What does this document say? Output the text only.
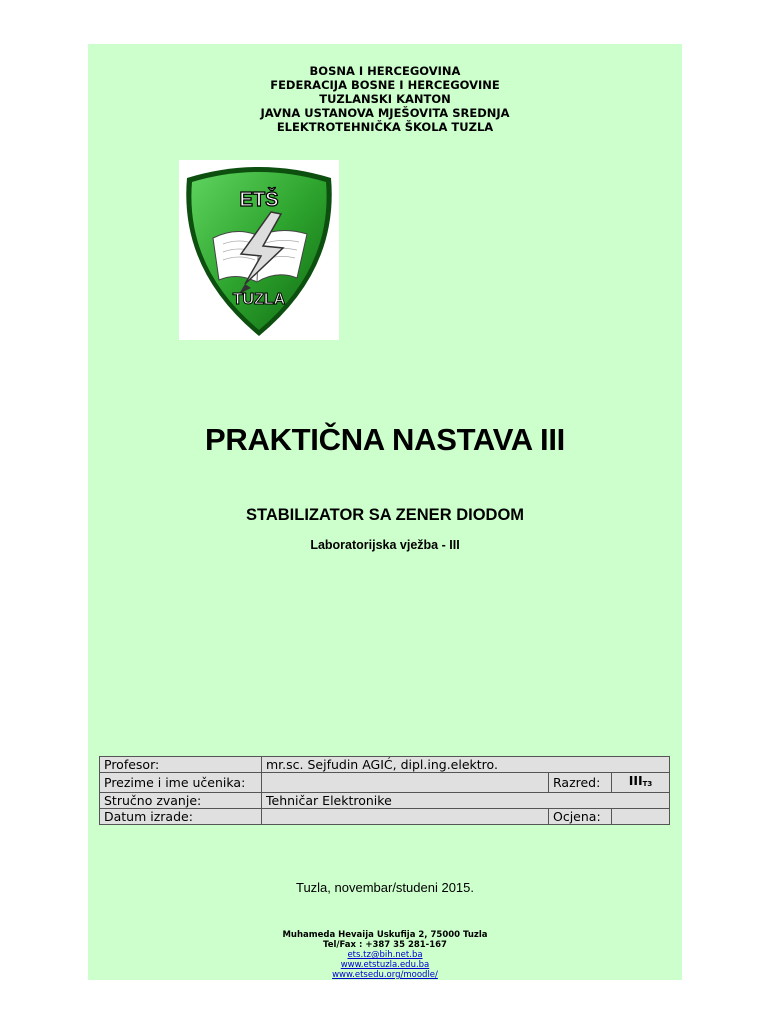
BOSNA I HERCEGOVINA
FEDERACIJA BOSNE I HERCEGOVINE
TUZLANSKI KANTON
JAVNA USTANOVA MJEŠOVITA SREDNJA
ELEKTROTEHNIČKA ŠKOLA TUZLA
ETŠ
TUZLA
PRAKTIČNA NASTAVA III
STABILIZATOR SA ZENER DIODOM
Laboratorijska vježba - III
Profesor:	mr.sc. Sejfudin AGIĆ, dipl.ing.elektro.		
Prezime i ime učenika:		Razred:	$III_{T3}$
Stručno zvanje:	Tehničar Elektronike		
Datum izrade:		Ocjena:	
Tuzla, novembar/studeni 2015.
Muhameda Hevaija Uskufija 2, 75000 Tuzla
Tel/Fax : +387 35 281-167
ets.tz@bih.net.ba
www.etstuzla.edu.ba
www.etsedu.org/moodle/
